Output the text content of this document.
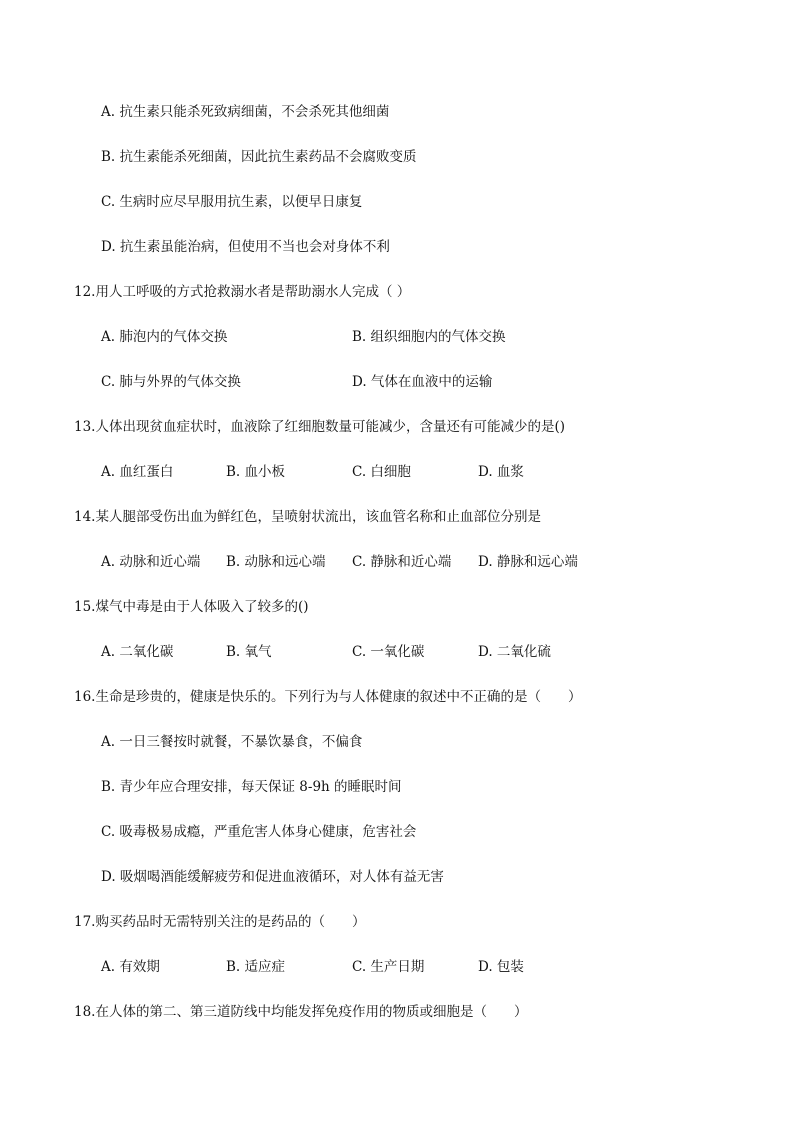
A. 抗生素只能杀死致病细菌，不会杀死其他细菌
B. 抗生素能杀死细菌，因此抗生素药品不会腐败变质
C. 生病时应尽早服用抗生素，以便早日康复
D. 抗生素虽能治病，但使用不当也会对身体不利
12.用人工呼吸的方式抢救溺水者是帮助溺水人完成（ ）
A. 肺泡内的气体交换	B. 组织细胞内的气体交换
C. 肺与外界的气体交换	D. 气体在血液中的运输
13.人体出现贫血症状时，血液除了红细胞数量可能减少，含量还有可能减少的是()
A. 血红蛋白	B. 血小板	C. 白细胞	D. 血浆
14.某人腿部受伤出血为鲜红色，呈喷射状流出，该血管名称和止血部位分别是
A. 动脉和近心端 B. 动脉和远心端 C. 静脉和近心端 D. 静脉和远心端
15.煤气中毒是由于人体吸入了较多的()
A. 二氧化碳	B. 氧气	C. 一氧化碳	D. 二氧化硫
16.生命是珍贵的，健康是快乐的。下列行为与人体健康的叙述中不正确的是（　　）
A. 一日三餐按时就餐，不暴饮暴食，不偏食
B. 青少年应合理安排，每天保证 8-9h 的睡眠时间
C. 吸毒极易成瘾，严重危害人体身心健康，危害社会
D. 吸烟喝酒能缓解疲劳和促进血液循环，对人体有益无害
17.购买药品时无需特别关注的是药品的（　　）
A. 有效期	B. 适应症	C. 生产日期	D. 包装
18.在人体的第二、第三道防线中均能发挥免疫作用的物质或细胞是（　　）
